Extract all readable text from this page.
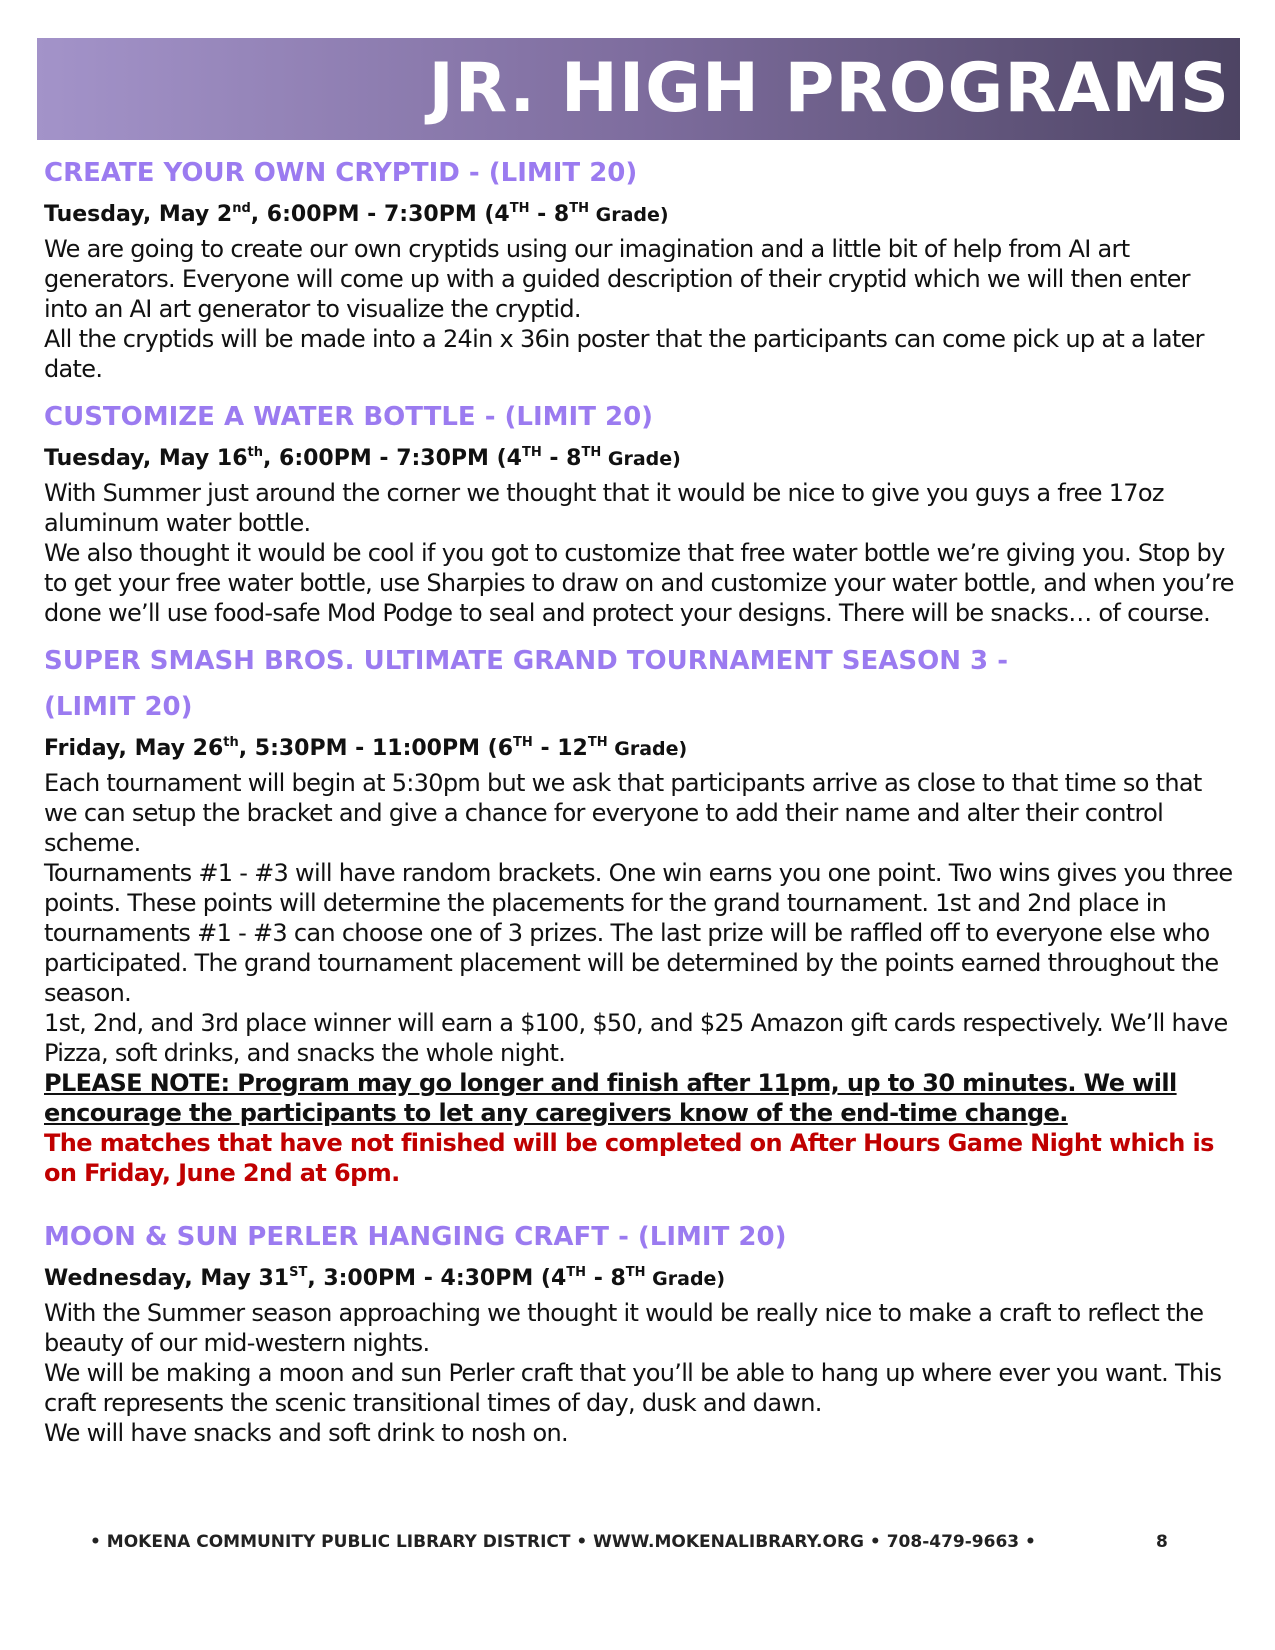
JR. HIGH PROGRAMS
CREATE YOUR OWN CRYPTID - (LIMIT 20)
Tuesday, May 2nd, 6:00PM - 7:30PM (4TH - 8TH Grade)

We are going to create our own cryptids using our imagination and a little bit of help from AI art generators. Everyone will come up with a guided description of their cryptid which we will then enter into an AI art generator to visualize the cryptid.

All the cryptids will be made into a 24in x 36in poster that the participants can come pick up at a later date.

CUSTOMIZE A WATER BOTTLE - (LIMIT 20)
Tuesday, May 16th, 6:00PM - 7:30PM (4TH - 8TH Grade)

With Summer just around the corner we thought that it would be nice to give you guys a free 17oz aluminum water bottle.

We also thought it would be cool if you got to customize that free water bottle we’re giving you. Stop by to get your free water bottle, use Sharpies to draw on and customize your water bottle, and when you’re done we’ll use food-safe Mod Podge to seal and protect your designs. There will be snacks… of course.

SUPER SMASH BROS. ULTIMATE GRAND TOURNAMENT SEASON 3 -
(LIMIT 20)
Friday, May 26th, 5:30PM - 11:00PM (6TH - 12TH Grade)

Each tournament will begin at 5:30pm but we ask that participants arrive as close to that time so that we can setup the bracket and give a chance for everyone to add their name and alter their control scheme.

Tournaments #1 - #3 will have random brackets. One win earns you one point. Two wins gives you three points. These points will determine the placements for the grand tournament. 1st and 2nd place in tournaments #1 - #3 can choose one of 3 prizes. The last prize will be raffled off to everyone else who participated. The grand tournament placement will be determined by the points earned throughout the season.

1st, 2nd, and 3rd place winner will earn a $100, $50, and $25 Amazon gift cards respectively. We’ll have Pizza, soft drinks, and snacks the whole night.

PLEASE NOTE: Program may go longer and finish after 11pm, up to 30 minutes. We will encourage the participants to let any caregivers know of the end-time change.

The matches that have not finished will be completed on After Hours Game Night which is on Friday, June 2nd at 6pm.

MOON & SUN PERLER HANGING CRAFT - (LIMIT 20)
Wednesday, May 31ST, 3:00PM - 4:30PM (4TH - 8TH Grade)

With the Summer season approaching we thought it would be really nice to make a craft to reflect the beauty of our mid-western nights.

We will be making a moon and sun Perler craft that you’ll be able to hang up where ever you want. This craft represents the scenic transitional times of day, dusk and dawn.

We will have snacks and soft drink to nosh on.

• MOKENA COMMUNITY PUBLIC LIBRARY DISTRICT • WWW.MOKENALIBRARY.ORG • 708-479-9663 •	8
